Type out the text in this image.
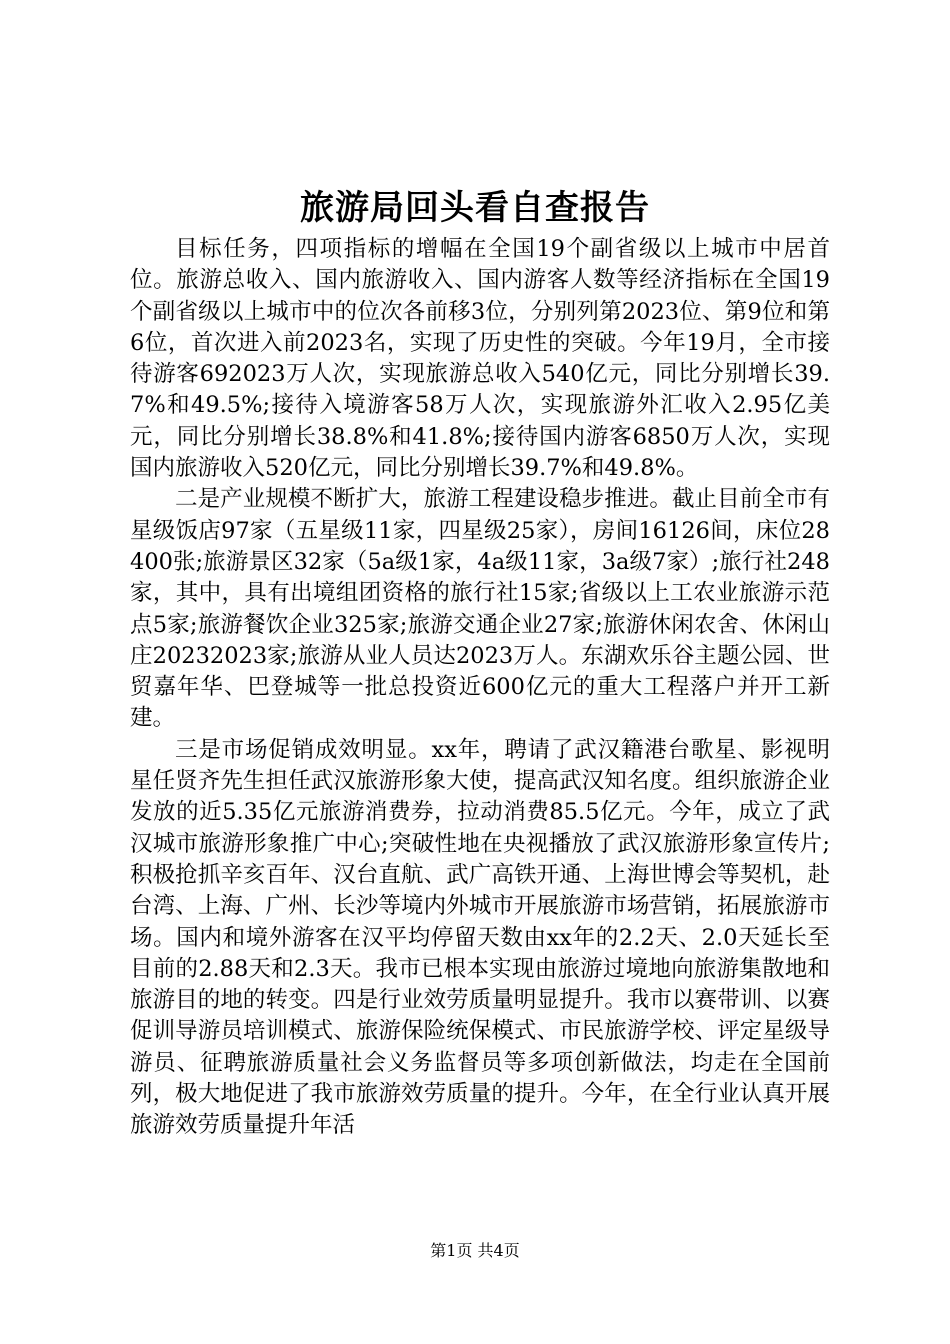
旅游局回头看自查报告

目标任务，四项指标的增幅在全国19个副省级以上城市中居首位。旅游总收入、国内旅游收入、国内游客人数等经济指标在全国19个副省级以上城市中的位次各前移3位，分别列第2023位、第9位和第6位，首次进入前2023名，实现了历史性的突破。今年19月，全市接待游客692023万人次，实现旅游总收入540亿元，同比分别增长39.7%和49.5%;接待入境游客58万人次，实现旅游外汇收入2.95亿美元，同比分别增长38.8%和41.8%;接待国内游客6850万人次，实现国内旅游收入520亿元，同比分别增长39.7%和49.8%。

二是产业规模不断扩大，旅游工程建设稳步推进。截止目前全市有星级饭店97家（五星级11家，四星级25家），房间16126间，床位28400张;旅游景区32家（5a级1家，4a级11家，3a级7家）;旅行社248家，其中，具有出境组团资格的旅行社15家;省级以上工农业旅游示范点5家;旅游餐饮企业325家;旅游交通企业27家;旅游休闲农舍、休闲山庄20232023家;旅游从业人员达2023万人。东湖欢乐谷主题公园、世贸嘉年华、巴登城等一批总投资近600亿元的重大工程落户并开工新建。

三是市场促销成效明显。xx年，聘请了武汉籍港台歌星、影视明星任贤齐先生担任武汉旅游形象大使，提高武汉知名度。组织旅游企业发放的近5.35亿元旅游消费券，拉动消费85.5亿元。今年，成立了武汉城市旅游形象推广中心;突破性地在央视播放了武汉旅游形象宣传片;积极抢抓辛亥百年、汉台直航、武广高铁开通、上海世博会等契机，赴台湾、上海、广州、长沙等境内外城市开展旅游市场营销，拓展旅游市场。国内和境外游客在汉平均停留天数由xx年的2.2天、2.0天延长至目前的2.88天和2.3天。我市已根本实现由旅游过境地向旅游集散地和旅游目的地的转变。四是行业效劳质量明显提升。我市以赛带训、以赛促训导游员培训模式、旅游保险统保模式、市民旅游学校、评定星级导游员、征聘旅游质量社会义务监督员等多项创新做法，均走在全国前列，极大地促进了我市旅游效劳质量的提升。今年，在全行业认真开展旅游效劳质量提升年活

第1页 共4页
